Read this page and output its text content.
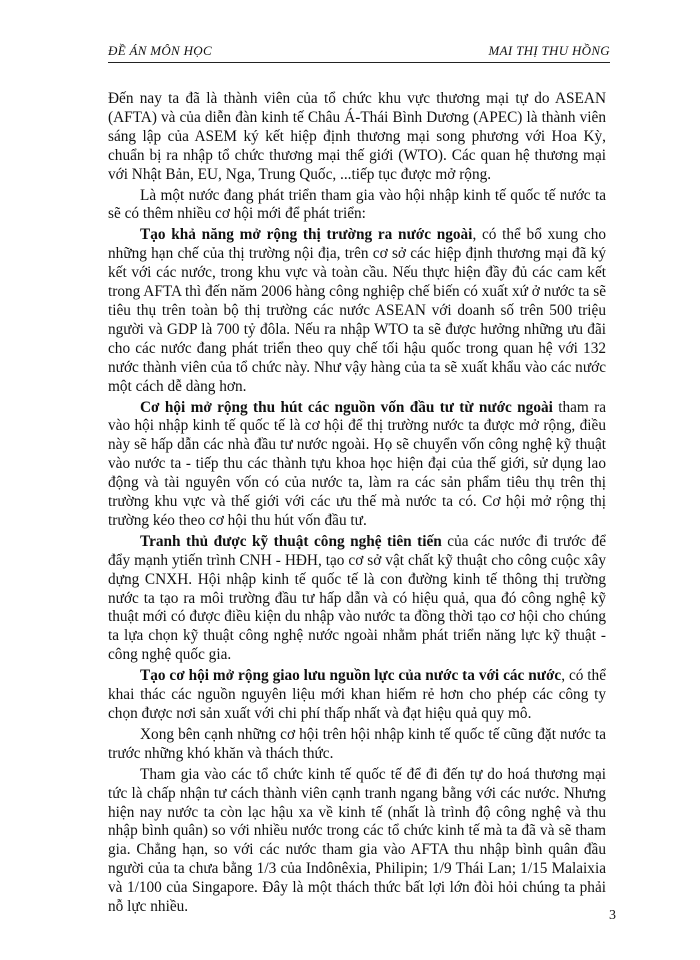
ĐỀ ÁN MÔN HỌC	MAI THỊ THU HỒNG

Đến nay ta đã là thành viên của tổ chức khu vực thương mại tự do ASEAN (AFTA) và của diễn đàn kinh tế Châu Á-Thái Bình Dương (APEC) là thành viên sáng lập của ASEM ký kết hiệp định thương mại song phương với Hoa Kỳ, chuẩn bị ra nhập tổ chức thương mại thế giới (WTO). Các quan hệ thương mại với Nhật Bản, EU, Nga, Trung Quốc, ...tiếp tục được mở rộng.

Là một nước đang phát triển tham gia vào hội nhập kinh tế quốc tế nước ta sẽ có thêm nhiều cơ hội mới để phát triển:

Tạo khả năng mở rộng thị trường ra nước ngoài, có thể bổ xung cho những hạn chế của thị trường nội địa, trên cơ sở các hiệp định thương mại đã ký kết với các nước, trong khu vực và toàn cầu. Nếu thực hiện đầy đủ các cam kết trong AFTA thì đến năm 2006 hàng công nghiệp chế biến có xuất xứ ở nước ta sẽ tiêu thụ trên toàn bộ thị trường các nước ASEAN với doanh số trên 500 triệu người và GDP là 700 tỷ đôla. Nếu ra nhập WTO ta sẽ được hưởng những ưu đãi cho các nước đang phát triển theo quy chế tối hậu quốc trong quan hệ với 132 nước thành viên của tổ chức này. Như vậy hàng của ta sẽ xuất khẩu vào các nước một cách dễ dàng hơn.

Cơ hội mở rộng thu hút các nguồn vốn đầu tư từ nước ngoài tham ra vào hội nhập kinh tế quốc tế là cơ hội để thị trường nước ta được mở rộng, điều này sẽ hấp dẫn các nhà đầu tư nước ngoài. Họ sẽ chuyển vốn công nghệ kỹ thuật vào nước ta - tiếp thu các thành tựu khoa học hiện đại của thế giới, sử dụng lao động và tài nguyên vốn có của nước ta, làm ra các sản phẩm tiêu thụ trên thị trường khu vực và thế giới với các ưu thế mà nước ta có. Cơ hội mở rộng thị trường kéo theo cơ hội thu hút vốn đầu tư.

Tranh thủ được kỹ thuật công nghệ tiên tiến của các nước đi trước để đẩy mạnh ytiến trình CNH - HĐH, tạo cơ sở vật chất kỹ thuật cho công cuộc xây dựng CNXH. Hội nhập kinh tế quốc tế là con đường kinh tế thông thị trường nước ta tạo ra môi trường đầu tư hấp dẫn và có hiệu quả, qua đó công nghệ kỹ thuật mới có được điều kiện du nhập vào nước ta đồng thời tạo cơ hội cho chúng ta lựa chọn kỹ thuật công nghệ nước ngoài nhằm phát triển năng lực kỹ thuật - công nghệ quốc gia.

Tạo cơ hội mở rộng giao lưu nguồn lực của nước ta với các nước, có thể khai thác các nguồn nguyên liệu mới khan hiếm rẻ hơn cho phép các công ty chọn được nơi sản xuất với chi phí thấp nhất và đạt hiệu quả quy mô.

Xong bên cạnh những cơ hội trên hội nhập kinh tế quốc tế cũng đặt nước ta trước những khó khăn và thách thức.

Tham gia vào các tổ chức kinh tế quốc tế để đi đến tự do hoá thương mại tức là chấp nhận tư cách thành viên cạnh tranh ngang bằng với các nước. Nhưng hiện nay nước ta còn lạc hậu xa về kinh tế (nhất là trình độ công nghệ và thu nhập bình quân) so với nhiều nước trong các tổ chức kinh tế mà ta đã và sẽ tham gia. Chẳng hạn, so với các nước tham gia vào AFTA thu nhập bình quân đầu người của ta chưa bằng 1/3 của Indônêxia, Philipin; 1/9 Thái Lan; 1/15 Malaixia và 1/100 của Singapore. Đây là một thách thức bất lợi lớn đòi hỏi chúng ta phải nỗ lực nhiều.

3
